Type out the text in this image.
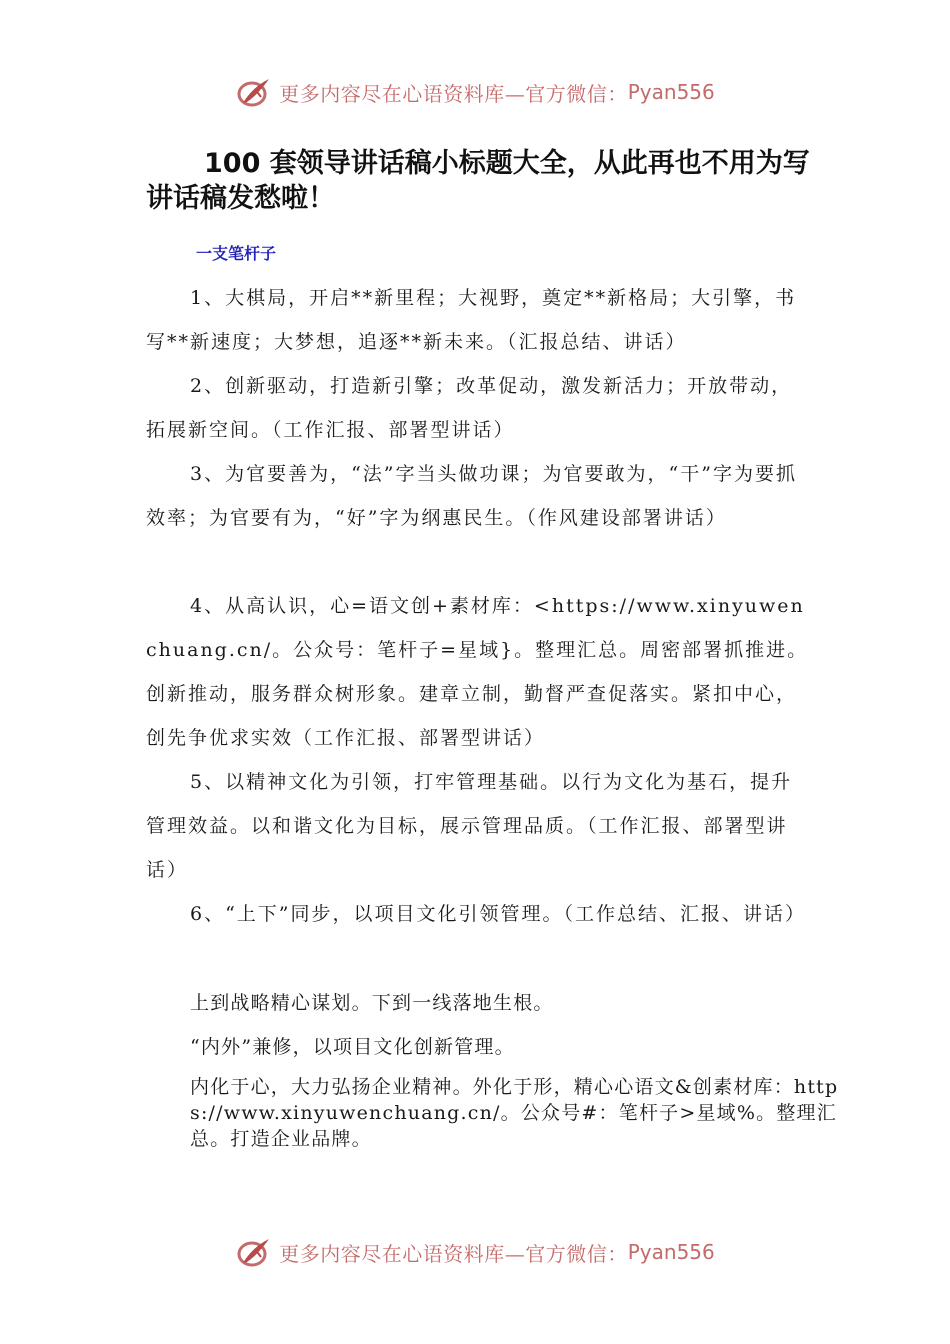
更多内容尽在心语资料库—官方微信： Pyan556
100 套领导讲话稿小标题大全，从此再也不用为写讲话稿发愁啦！
一支笔杆子

1、大棋局，开启**新里程；大视野，奠定**新格局；大引擎，书写**新速度；大梦想，追逐**新未来。（汇报总结、讲话）

2、创新驱动，打造新引擎；改革促动，激发新活力；开放带动，拓展新空间。（工作汇报、部署型讲话）

3、为官要善为，“法”字当头做功课；为官要敢为，“干”字为要抓效率；为官要有为，“好”字为纲惠民生。（作风建设部署讲话）

4、从高认识，心=语文创+素材库：<https://www.xinyuwenchuang.cn/。公众号：笔杆子=星域}。整理汇总。周密部署抓推进。创新推动，服务群众树形象。建章立制，勤督严查促落实。紧扣中心，创先争优求实效（工作汇报、部署型讲话）

5、以精神文化为引领，打牢管理基础。以行为文化为基石，提升管理效益。以和谐文化为目标，展示管理品质。（工作汇报、部署型讲话）

6、“上下”同步，以项目文化引领管理。（工作总结、汇报、讲话）

上到战略精心谋划。下到一线落地生根。

“内外”兼修，以项目文化创新管理。

内化于心，大力弘扬企业精神。外化于形，精心心语文&创素材库：https://www.xinyuwenchuang.cn/。公众号#：笔杆子>星域%。整理汇总。打造企业品牌。

更多内容尽在心语资料库—官方微信： Pyan556
